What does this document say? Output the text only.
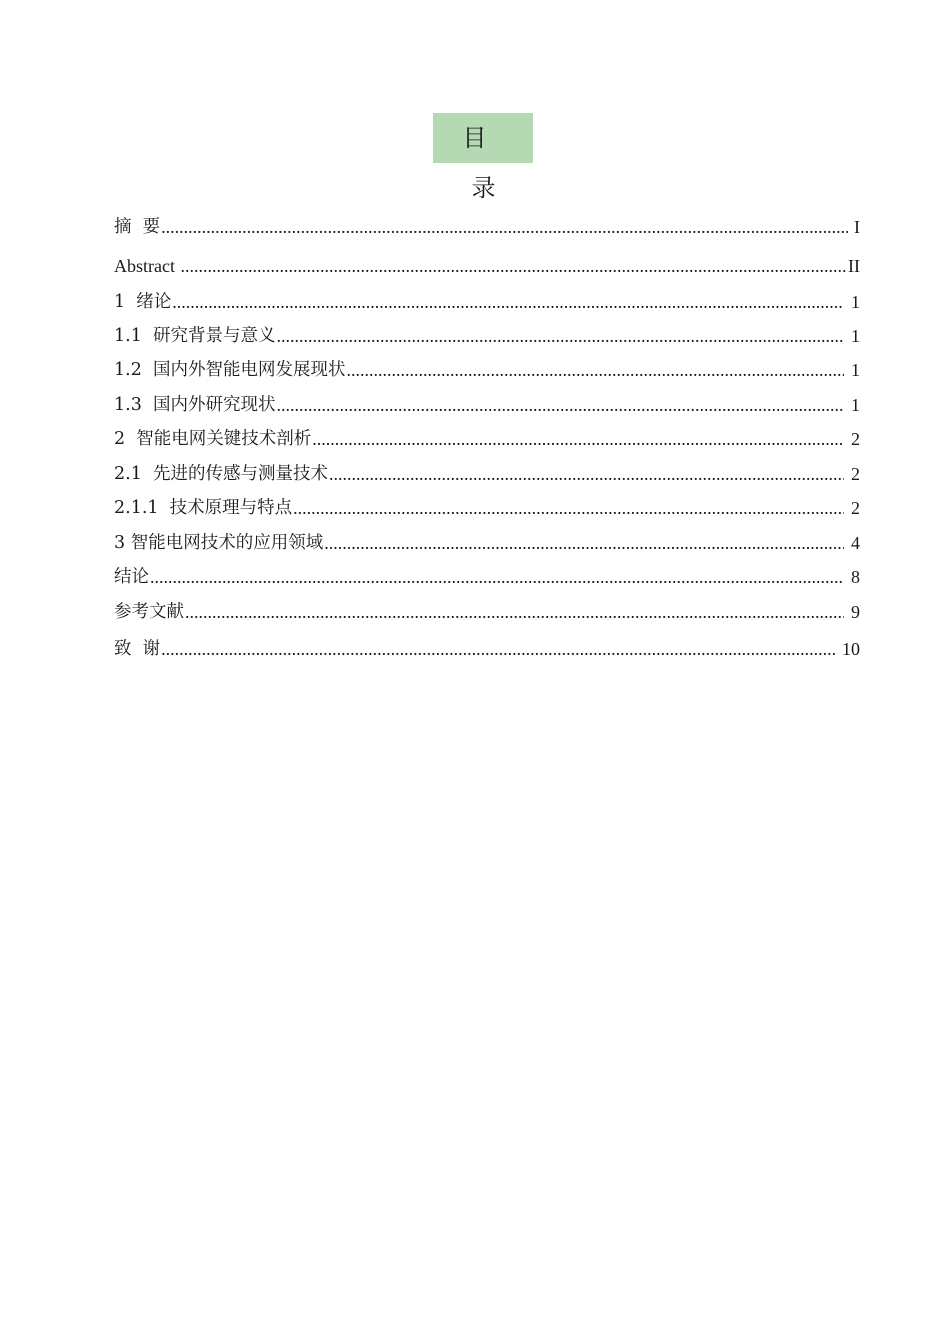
目 录
摘  要 .....	I
Abstract .....	II
1  绪论 .....	1
1.1  研究背景与意义 .....	1
1.2  国内外智能电网发展现状 .....	1
1.3  国内外研究现状 .....	1
2  智能电网关键技术剖析 .....	2
2.1  先进的传感与测量技术 .....	2
2.1.1  技术原理与特点 .....	2
3 智能电网技术的应用领域 .....	4
结论 .....	8
参考文献 .....	9
致  谢 .....	10
